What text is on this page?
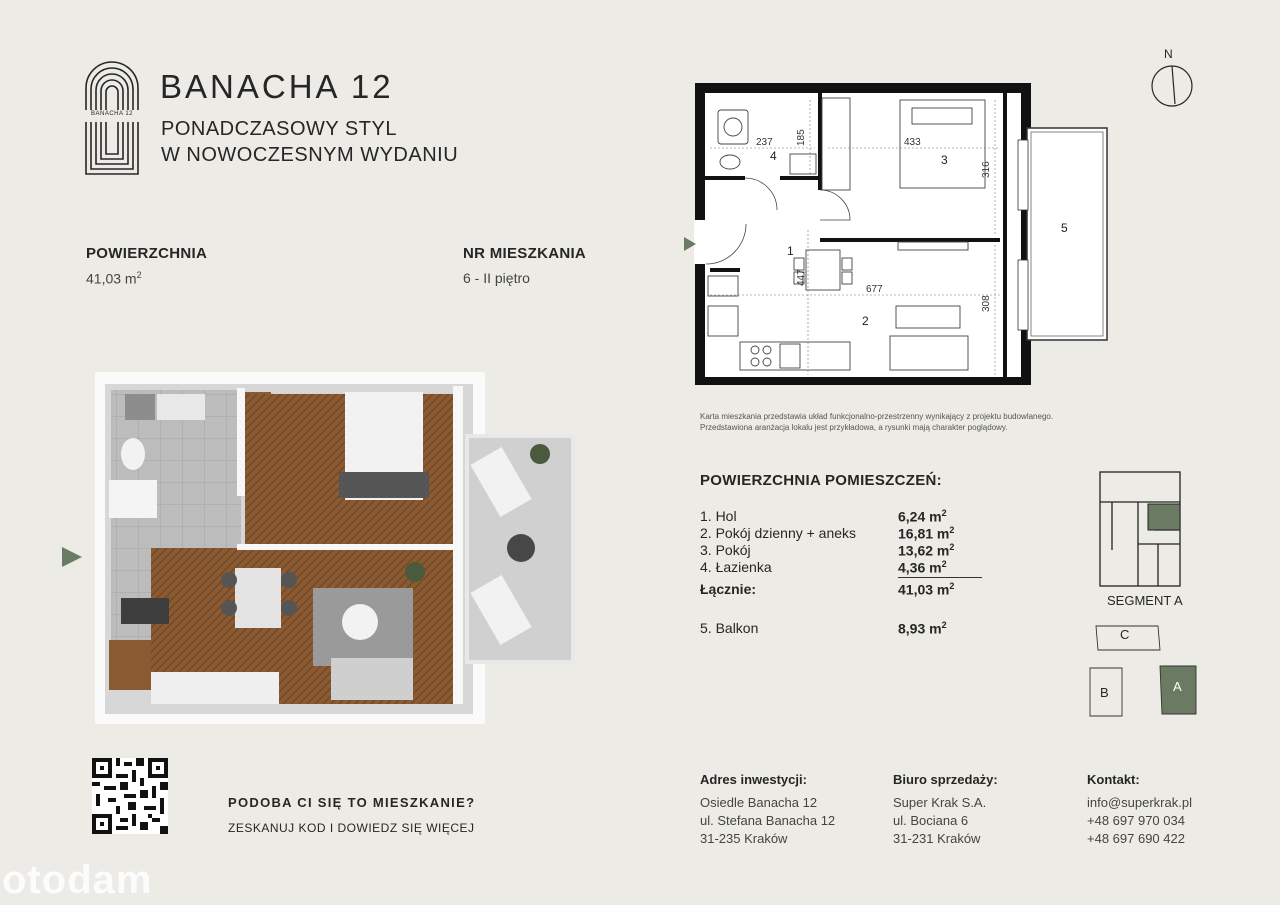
BANACHA 12
BANACHA 12
PONADCZASOWY STYL
W NOWOCZESNYM WYDANIU
POWIERZCHNIA
41,03 $m^2$
NR MIESZKANIA
6 - II piętro
N
237	433
677
185
316
447
308
4	3
1
2
5
Karta mieszkania przedstawia układ funkcjonalno-przestrzenny wynikający z projektu budowlanego.
Przedstawiona aranżacja lokalu jest przykładowa, a rysunki mają charakter poglądowy.
POWIERZCHNIA POMIESZCZEŃ:
1. Hol	6,24 $m^2$
2. Pokój dzienny + aneks	16,81 $m^2$
3. Pokój	13,62 $m^2$
4. Łazienka	4,36 $m^2$
Łącznie:	41,03 $m^2$
5. Balkon	8,93 $m^2$
SEGMENT A
C
B	A
PODOBA CI SIĘ TO MIESZKANIE?
ZESKANUJ KOD I DOWIEDZ SIĘ WIĘCEJ
Adres inwestycji:
Osiedle Banacha 12
ul. Stefana Banacha 12
31-235 Kraków
Biuro sprzedaży:
Super Krak S.A.
ul. Bociana 6
31-231 Kraków
Kontakt:
info@superkrak.pl
+48 697 970 034
+48 697 690 422
otodam
